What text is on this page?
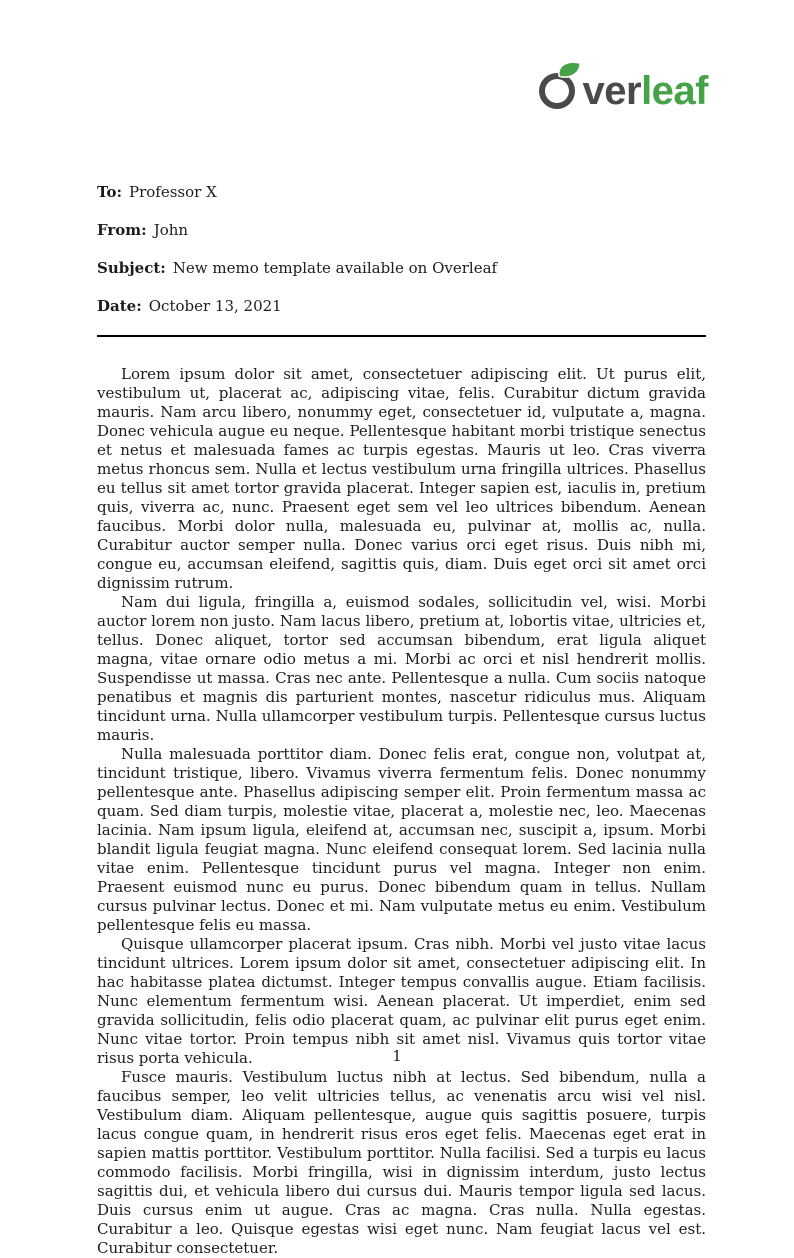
verleaf
To: Professor X
From: John
Subject: New memo template available on Overleaf
Date: October 13, 2021

Lorem ipsum dolor sit amet, consectetuer adipiscing elit. Ut purus elit, vestibulum ut, placerat ac, adipiscing vitae, felis. Curabitur dictum gravida mauris. Nam arcu libero, nonummy eget, consectetuer id, vulputate a, magna. Donec vehicula augue eu neque. Pellentesque habitant morbi tristique senectus et netus et malesuada fames ac turpis egestas. Mauris ut leo. Cras viverra metus rhoncus sem. Nulla et lectus vestibulum urna fringilla ultrices. Phasellus eu tellus sit amet tortor gravida placerat. Integer sapien est, iaculis in, pretium quis, viverra ac, nunc. Praesent eget sem vel leo ultrices bibendum. Aenean faucibus. Morbi dolor nulla, malesuada eu, pulvinar at, mollis ac, nulla. Curabitur auctor semper nulla. Donec varius orci eget risus. Duis nibh mi, congue eu, accumsan eleifend, sagittis quis, diam. Duis eget orci sit amet orci dignissim rutrum.

Nam dui ligula, fringilla a, euismod sodales, sollicitudin vel, wisi. Morbi auctor lorem non justo. Nam lacus libero, pretium at, lobortis vitae, ultricies et, tellus. Donec aliquet, tortor sed accumsan bibendum, erat ligula aliquet magna, vitae ornare odio metus a mi. Morbi ac orci et nisl hendrerit mollis. Suspendisse ut massa. Cras nec ante. Pellentesque a nulla. Cum sociis natoque penatibus et magnis dis parturient montes, nascetur ridiculus mus. Aliquam tincidunt urna. Nulla ullamcorper vestibulum turpis. Pellentesque cursus luctus mauris.

Nulla malesuada porttitor diam. Donec felis erat, congue non, volutpat at, tincidunt tristique, libero. Vivamus viverra fermentum felis. Donec nonummy pellentesque ante. Phasellus adipiscing semper elit. Proin fermentum massa ac quam. Sed diam turpis, molestie vitae, placerat a, molestie nec, leo. Maecenas lacinia. Nam ipsum ligula, eleifend at, accumsan nec, suscipit a, ipsum. Morbi blandit ligula feugiat magna. Nunc eleifend consequat lorem. Sed lacinia nulla vitae enim. Pellentesque tincidunt purus vel magna. Integer non enim. Praesent euismod nunc eu purus. Donec bibendum quam in tellus. Nullam cursus pulvinar lectus. Donec et mi. Nam vulputate metus eu enim. Vestibulum pellentesque felis eu massa.

Quisque ullamcorper placerat ipsum. Cras nibh. Morbi vel justo vitae lacus tincidunt ultrices. Lorem ipsum dolor sit amet, consectetuer adipiscing elit. In hac habitasse platea dictumst. Integer tempus convallis augue. Etiam facilisis. Nunc elementum fermentum wisi. Aenean placerat. Ut imperdiet, enim sed gravida sollicitudin, felis odio placerat quam, ac pulvinar elit purus eget enim. Nunc vitae tortor. Proin tempus nibh sit amet nisl. Vivamus quis tortor vitae risus porta vehicula.

Fusce mauris. Vestibulum luctus nibh at lectus. Sed bibendum, nulla a faucibus semper, leo velit ultricies tellus, ac venenatis arcu wisi vel nisl. Vestibulum diam. Aliquam pellentesque, augue quis sagittis posuere, turpis lacus congue quam, in hendrerit risus eros eget felis. Maecenas eget erat in sapien mattis porttitor. Vestibulum porttitor. Nulla facilisi. Sed a turpis eu lacus commodo facilisis. Morbi fringilla, wisi in dignissim interdum, justo lectus sagittis dui, et vehicula libero dui cursus dui. Mauris tempor ligula sed lacus. Duis cursus enim ut augue. Cras ac magna. Cras nulla. Nulla egestas. Curabitur a leo. Quisque egestas wisi eget nunc. Nam feugiat lacus vel est. Curabitur consectetuer.

1
